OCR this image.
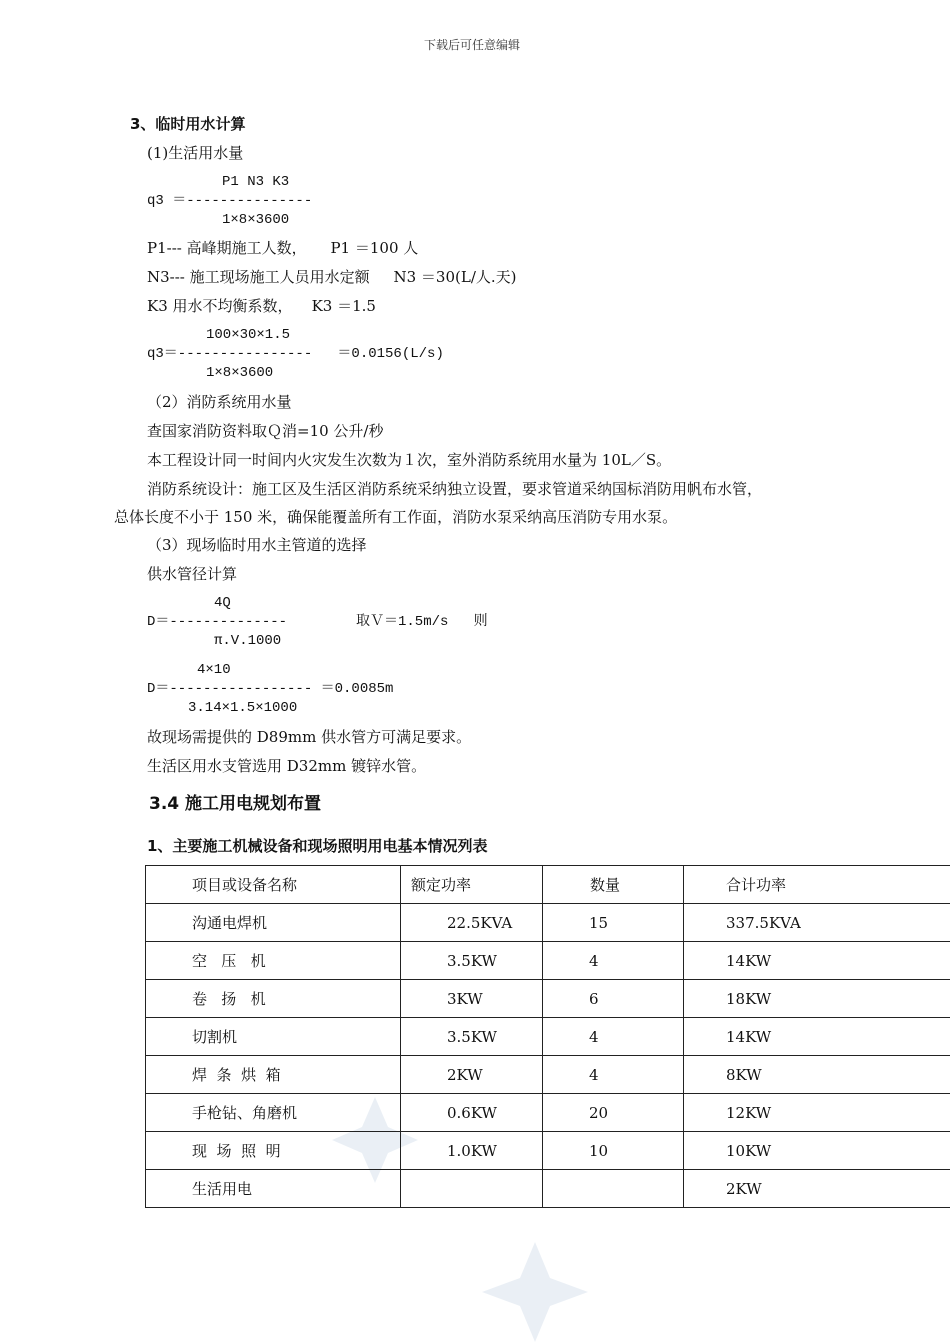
下载后可任意编辑
3、临时用水计算
(1)生活用水量
P1 N3 K3
q3 ＝---------------
1×8×3600
P1--- 高峰期施工人数，     P1 ＝100 人
N3--- 施工现场施工人员用水定额     N3 ＝30(L/人.天)
K3 用水不均衡系数，    K3 ＝1.5
100×30×1.5
q3＝----------------   ＝0.0156(L/s)
1×8×3600
（2）消防系统用水量
查国家消防资料取Ｑ消=10 公升/秒
本工程设计同一时间内火灾发生次数为１次，室外消防系统用水量为 10L／S。
消防系统设计：施工区及生活区消防系统采纳独立设置，要求管道采纳国标消防用帆布水管，
总体长度不小于 150 米，确保能覆盖所有工作面，消防水泵采纳高压消防专用水泵。
（3）现场临时用水主管道的选择
供水管径计算
4Q
D＝--------------	取Ｖ＝1.5m/s   则
π.V.1000
4×10
D＝----------------- ＝0.0085m
3.14×1.5×1000
故现场需提供的 D89mm 供水管方可满足要求。
生活区用水支管选用 D32mm 镀锌水管。
3.4 施工用电规划布置
1、主要施工机械设备和现场照明用电基本情况列表
项目或设备名称	额定功率	数量	合计功率
沟通电焊机	22.5KVA	15	337.5KVA
空   压   机	3.5KW	4	14KW
卷   扬   机	3KW	6	18KW
切割机	3.5KW	4	14KW
焊  条  烘  箱	2KW	4	8KW
手枪钻、角磨机	0.6KW	20	12KW
现  场  照  明	1.0KW	10	10KW
生活用电			2KW
